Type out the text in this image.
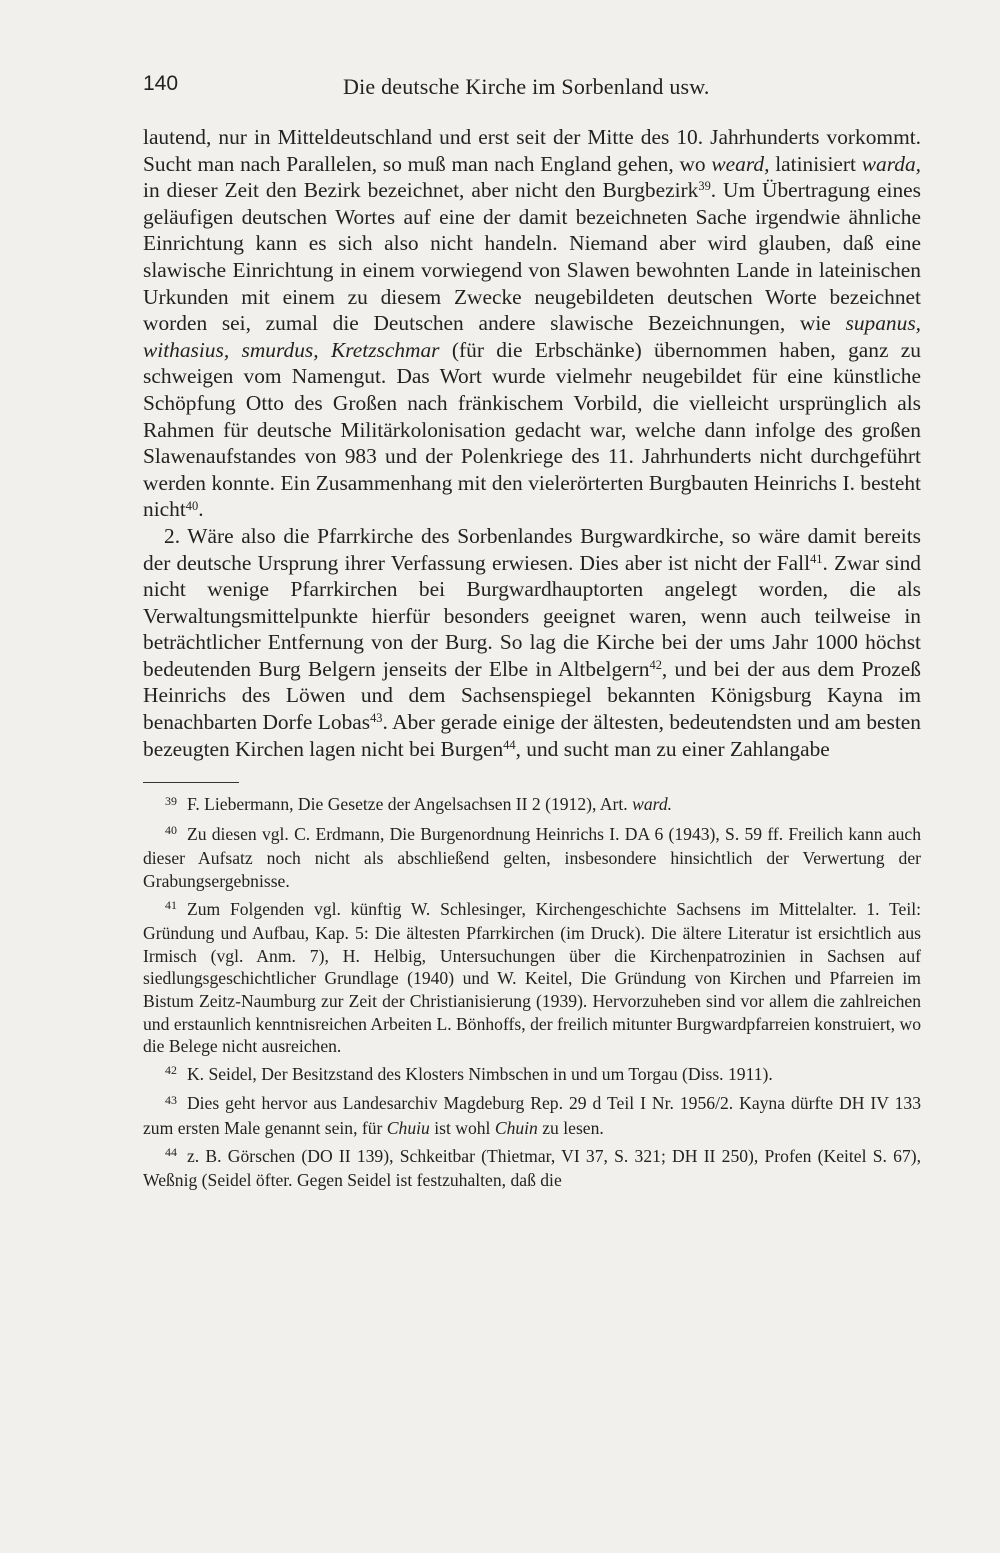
140	Die deutsche Kirche im Sorbenland usw.

lautend, nur in Mitteldeutschland und erst seit der Mitte des 10. Jahrhunderts vorkommt. Sucht man nach Parallelen, so muß man nach England gehen, wo weard, latinisiert warda, in dieser Zeit den Bezirk bezeichnet, aber nicht den Burgbezirk$^{39}$. Um Übertragung eines geläufigen deutschen Wortes auf eine der damit bezeichneten Sache irgendwie ähnliche Einrichtung kann es sich also nicht handeln. Niemand aber wird glauben, daß eine slawische Einrichtung in einem vorwiegend von Slawen bewohnten Lande in lateinischen Urkunden mit einem zu diesem Zwecke neugebildeten deutschen Worte bezeichnet worden sei, zumal die Deutschen andere slawische Bezeichnungen, wie supanus, withasius, smurdus, Kretzschmar (für die Erbschänke) übernommen haben, ganz zu schweigen vom Namengut. Das Wort wurde vielmehr neugebildet für eine künstliche Schöpfung Otto des Großen nach fränkischem Vorbild, die vielleicht ursprünglich als Rahmen für deutsche Militärkolonisation gedacht war, welche dann infolge des großen Slawenaufstandes von 983 und der Polenkriege des 11. Jahrhunderts nicht durchgeführt werden konnte. Ein Zusammenhang mit den vielerörterten Burgbauten Heinrichs I. besteht nicht$^{40}$.

2. Wäre also die Pfarrkirche des Sorbenlandes Burgwardkirche, so wäre damit bereits der deutsche Ursprung ihrer Verfassung erwiesen. Dies aber ist nicht der Fall$^{41}$. Zwar sind nicht wenige Pfarrkirchen bei Burgwardhauptorten angelegt worden, die als Verwaltungsmittelpunkte hierfür besonders geeignet waren, wenn auch teilweise in beträchtlicher Entfernung von der Burg. So lag die Kirche bei der ums Jahr 1000 höchst bedeutenden Burg Belgern jenseits der Elbe in Altbelgern$^{42}$, und bei der aus dem Prozeß Heinrichs des Löwen und dem Sachsenspiegel bekannten Königsburg Kayna im benachbarten Dorfe Lobas$^{43}$. Aber gerade einige der ältesten, bedeutendsten und am besten bezeugten Kirchen lagen nicht bei Burgen$^{44}$, und sucht man zu einer Zahlangabe

$^{39}$ F. Liebermann, Die Gesetze der Angelsachsen II 2 (1912), Art. ward.

$^{40}$ Zu diesen vgl. C. Erdmann, Die Burgenordnung Heinrichs I. DA 6 (1943), S. 59 ff. Freilich kann auch dieser Aufsatz noch nicht als abschließend gelten, insbesondere hinsichtlich der Verwertung der Grabungsergebnisse.

$^{41}$ Zum Folgenden vgl. künftig W. Schlesinger, Kirchengeschichte Sachsens im Mittelalter. 1. Teil: Gründung und Aufbau, Kap. 5: Die ältesten Pfarrkirchen (im Druck). Die ältere Literatur ist ersichtlich aus Irmisch (vgl. Anm. 7), H. Helbig, Untersuchungen über die Kirchenpatrozinien in Sachsen auf siedlungsgeschichtlicher Grundlage (1940) und W. Keitel, Die Gründung von Kirchen und Pfarreien im Bistum Zeitz-Naumburg zur Zeit der Christianisierung (1939). Hervorzuheben sind vor allem die zahlreichen und erstaunlich kenntnisreichen Arbeiten L. Bönhoffs, der freilich mitunter Burgwardpfarreien konstruiert, wo die Belege nicht ausreichen.

$^{42}$ K. Seidel, Der Besitzstand des Klosters Nimbschen in und um Torgau (Diss. 1911).

$^{43}$ Dies geht hervor aus Landesarchiv Magdeburg Rep. 29 d Teil I Nr. 1956/2. Kayna dürfte DH IV 133 zum ersten Male genannt sein, für Chuiu ist wohl Chuin zu lesen.

$^{44}$ z. B. Görschen (DO II 139), Schkeitbar (Thietmar, VI 37, S. 321; DH II 250), Profen (Keitel S. 67), Weßnig (Seidel öfter. Gegen Seidel ist festzuhalten, daß die
